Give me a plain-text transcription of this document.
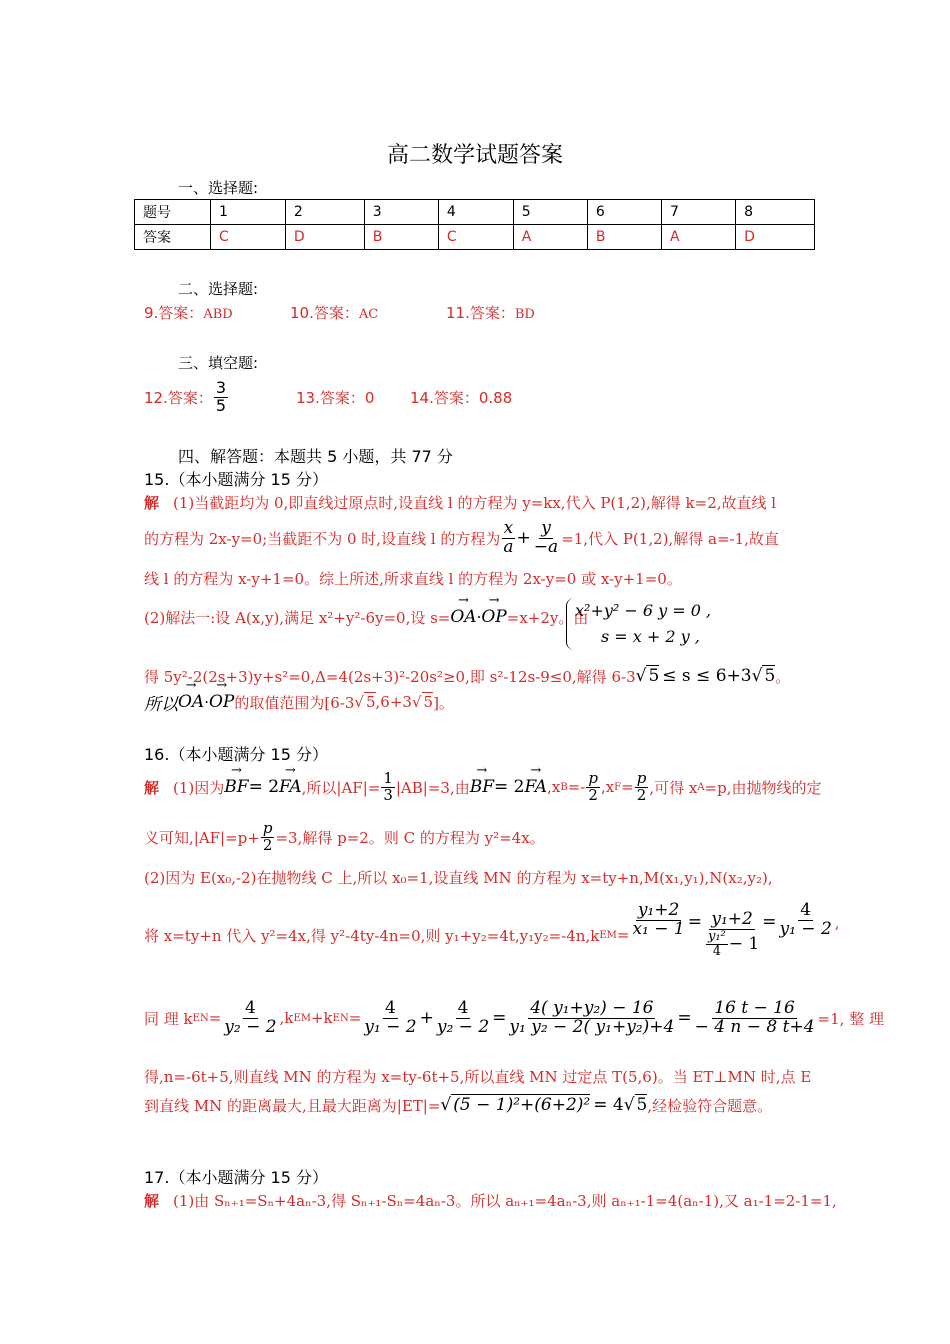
高二数学试题答案
一、选择题:
题号	1	2	3	4	5	6	7	8
答案	C	D	B	C	A	B	A	D
二、选择题:
9.答案：ABD	10.答案：AC	11.答案：BD
三、填空题:
12.答案： $\frac{3}{5}$	13.答案：0 14.答案：0.88
四、解答题：本题共 5 小题，共 77 分
15.（本小题满分 15 分）
解 (1)当截距均为 0,即直线过原点时,设直线 l 的方程为 y=kx,代入 P(1,2),解得 k=2,故直线 l
的方程为 2x-y=0;当截距不为 0 时,设直线 l 的方程为 $\frac{x}{a} + \frac{y}{-a} =1$,代入 P(1,2),解得 a=-1,故直
线 l 的方程为 x-y+1=0。综上所述,所求直线 l 的方程为 2x-y=0 或 x-y+1=0。
(2)解法一:设 A(x,y),满足 x²+y²-6y=0,设 s= → OA · → OP =x+2y。由
x²+y² − 6 y = 0 ,
s = x + 2 y ,
得 5y²-2(2s+3)y+s²=0,Δ=4(2s+3)²-20s²≥0,即 s²-12s-9≤0,解得 6-3 √ 5 ≤ s ≤ 6+3 √ 5 。
所以 → OA · → OP 的取值范围为[6-3 √ 5 ,6+3 √ 5 ]。
16.（本小题满分 15 分）
解 (1)因为 → BF = 2 → FA ,所以$|AF|= \frac{1}{3} |AB|=3$,由 → BF = 2 → FA ,x $B =- \frac{p}{2} ,x$ $F = \frac{p}{2}$ ,可得 x A =p,由抛物线的定
义可知$,|AF|=p+ \frac{p}{2} =3$,解得 p=2。则 C 的方程为 y²=4x。
(2)因为 E(x₀,-2)在抛物线 C 上,所以 x₀=1,设直线 MN 的方程为 x=ty+n,M(x₁,y₁),N(x₂,y₂),
将 x=ty+n 代入 y²=4x,得 y²-4ty-4n=0,则 y₁+y₂=4t,y₁y₂=-4n,k EM = $\frac{\text{y₁+2}}{\text{x₁ − 1}} = \frac{\text{y₁+2}}{\frac{\text{y₁²}}{4} - 1} = \frac{4}{\text{y₁ − 2}}$ ,
同 理 k EN = $\frac{4}{\text{y₂ − 2}} ,k$ EM +k EN = $\frac{4}{\text{y₁ − 2}} + \frac{4}{\text{y₂ − 2}} = \frac{\text{4( y₁+y₂) − 16}}{\text{y₁ y₂ − 2( y₁+y₂)+4}} = \frac{16 t - 16}{- 4 n - 8 t+4} =1$, 整 理
得,n=-6t+5,则直线 MN 的方程为 x=ty-6t+5,所以直线 MN 过定点 T(5,6)。当 ET⊥MN 时,点 E
到直线 MN 的距离最大,且最大距离为|ET|= √ (5 − 1)²+(6+2)² = 4 √ 5 ,经检验符合题意。
17.（本小题满分 15 分）
解 (1)由 Sₙ₊₁=Sₙ+4aₙ-3,得 Sₙ₊₁-Sₙ=4aₙ-3。所以 aₙ₊₁=4aₙ-3,则 aₙ₊₁-1=4(aₙ-1),又 a₁-1=2-1=1,
